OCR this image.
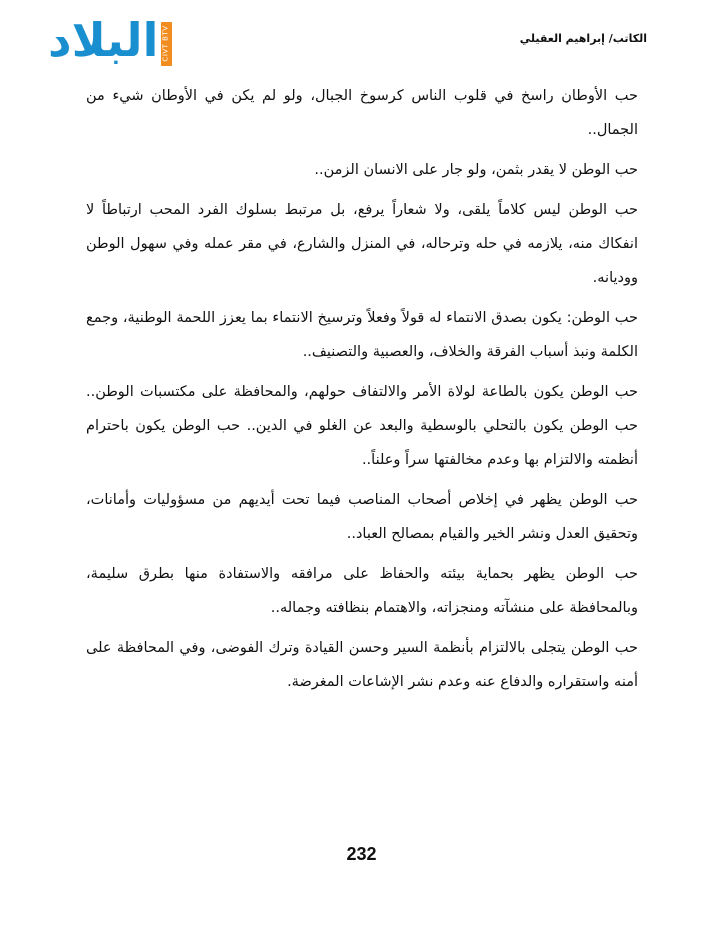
البلاد CIVT BTV	الكاتب/ إبراهيم العقيلي

حب الأوطان راسخ في قلوب الناس كرسوخ الجبال، ولو لم يكن في الأوطان شيء من الجمال..

حب الوطن لا يقدر بثمن، ولو جار على الانسان الزمن..

حب الوطن ليس كلاماً يلقى، ولا شعاراً يرفع، بل مرتبط بسلوك الفرد المحب ارتباطاً لا انفكاك منه، يلازمه في حله وترحاله، في المنزل والشارع، في مقر عمله وفي سهول الوطن ووديانه.

حب الوطن: يكون بصدق الانتماء له قولاً وفعلاً وترسيخ الانتماء بما يعزز اللحمة الوطنية، وجمع الكلمة ونبذ أسباب الفرقة والخلاف، والعصبية والتصنيف..

حب الوطن يكون بالطاعة لولاة الأمر والالتفاف حولهم، والمحافظة على مكتسبات الوطن.. حب الوطن يكون بالتحلي بالوسطية والبعد عن الغلو في الدين.. حب الوطن يكون باحترام أنظمته والالتزام بها وعدم مخالفتها سراً وعلناً..

حب الوطن يظهر في إخلاص أصحاب المناصب فيما تحت أيديهم من مسؤوليات وأمانات، وتحقيق العدل ونشر الخير والقيام بمصالح العباد..

حب الوطن يظهر بحماية بيئته والحفاظ على مرافقه والاستفادة منها بطرق سليمة، وبالمحافظة على منشآته ومنجزاته، والاهتمام بنظافته وجماله..

حب الوطن يتجلى بالالتزام بأنظمة السير وحسن القيادة وترك الفوضى، وفي المحافظة على أمنه واستقراره والدفاع عنه وعدم نشر الإشاعات المغرضة.

232
